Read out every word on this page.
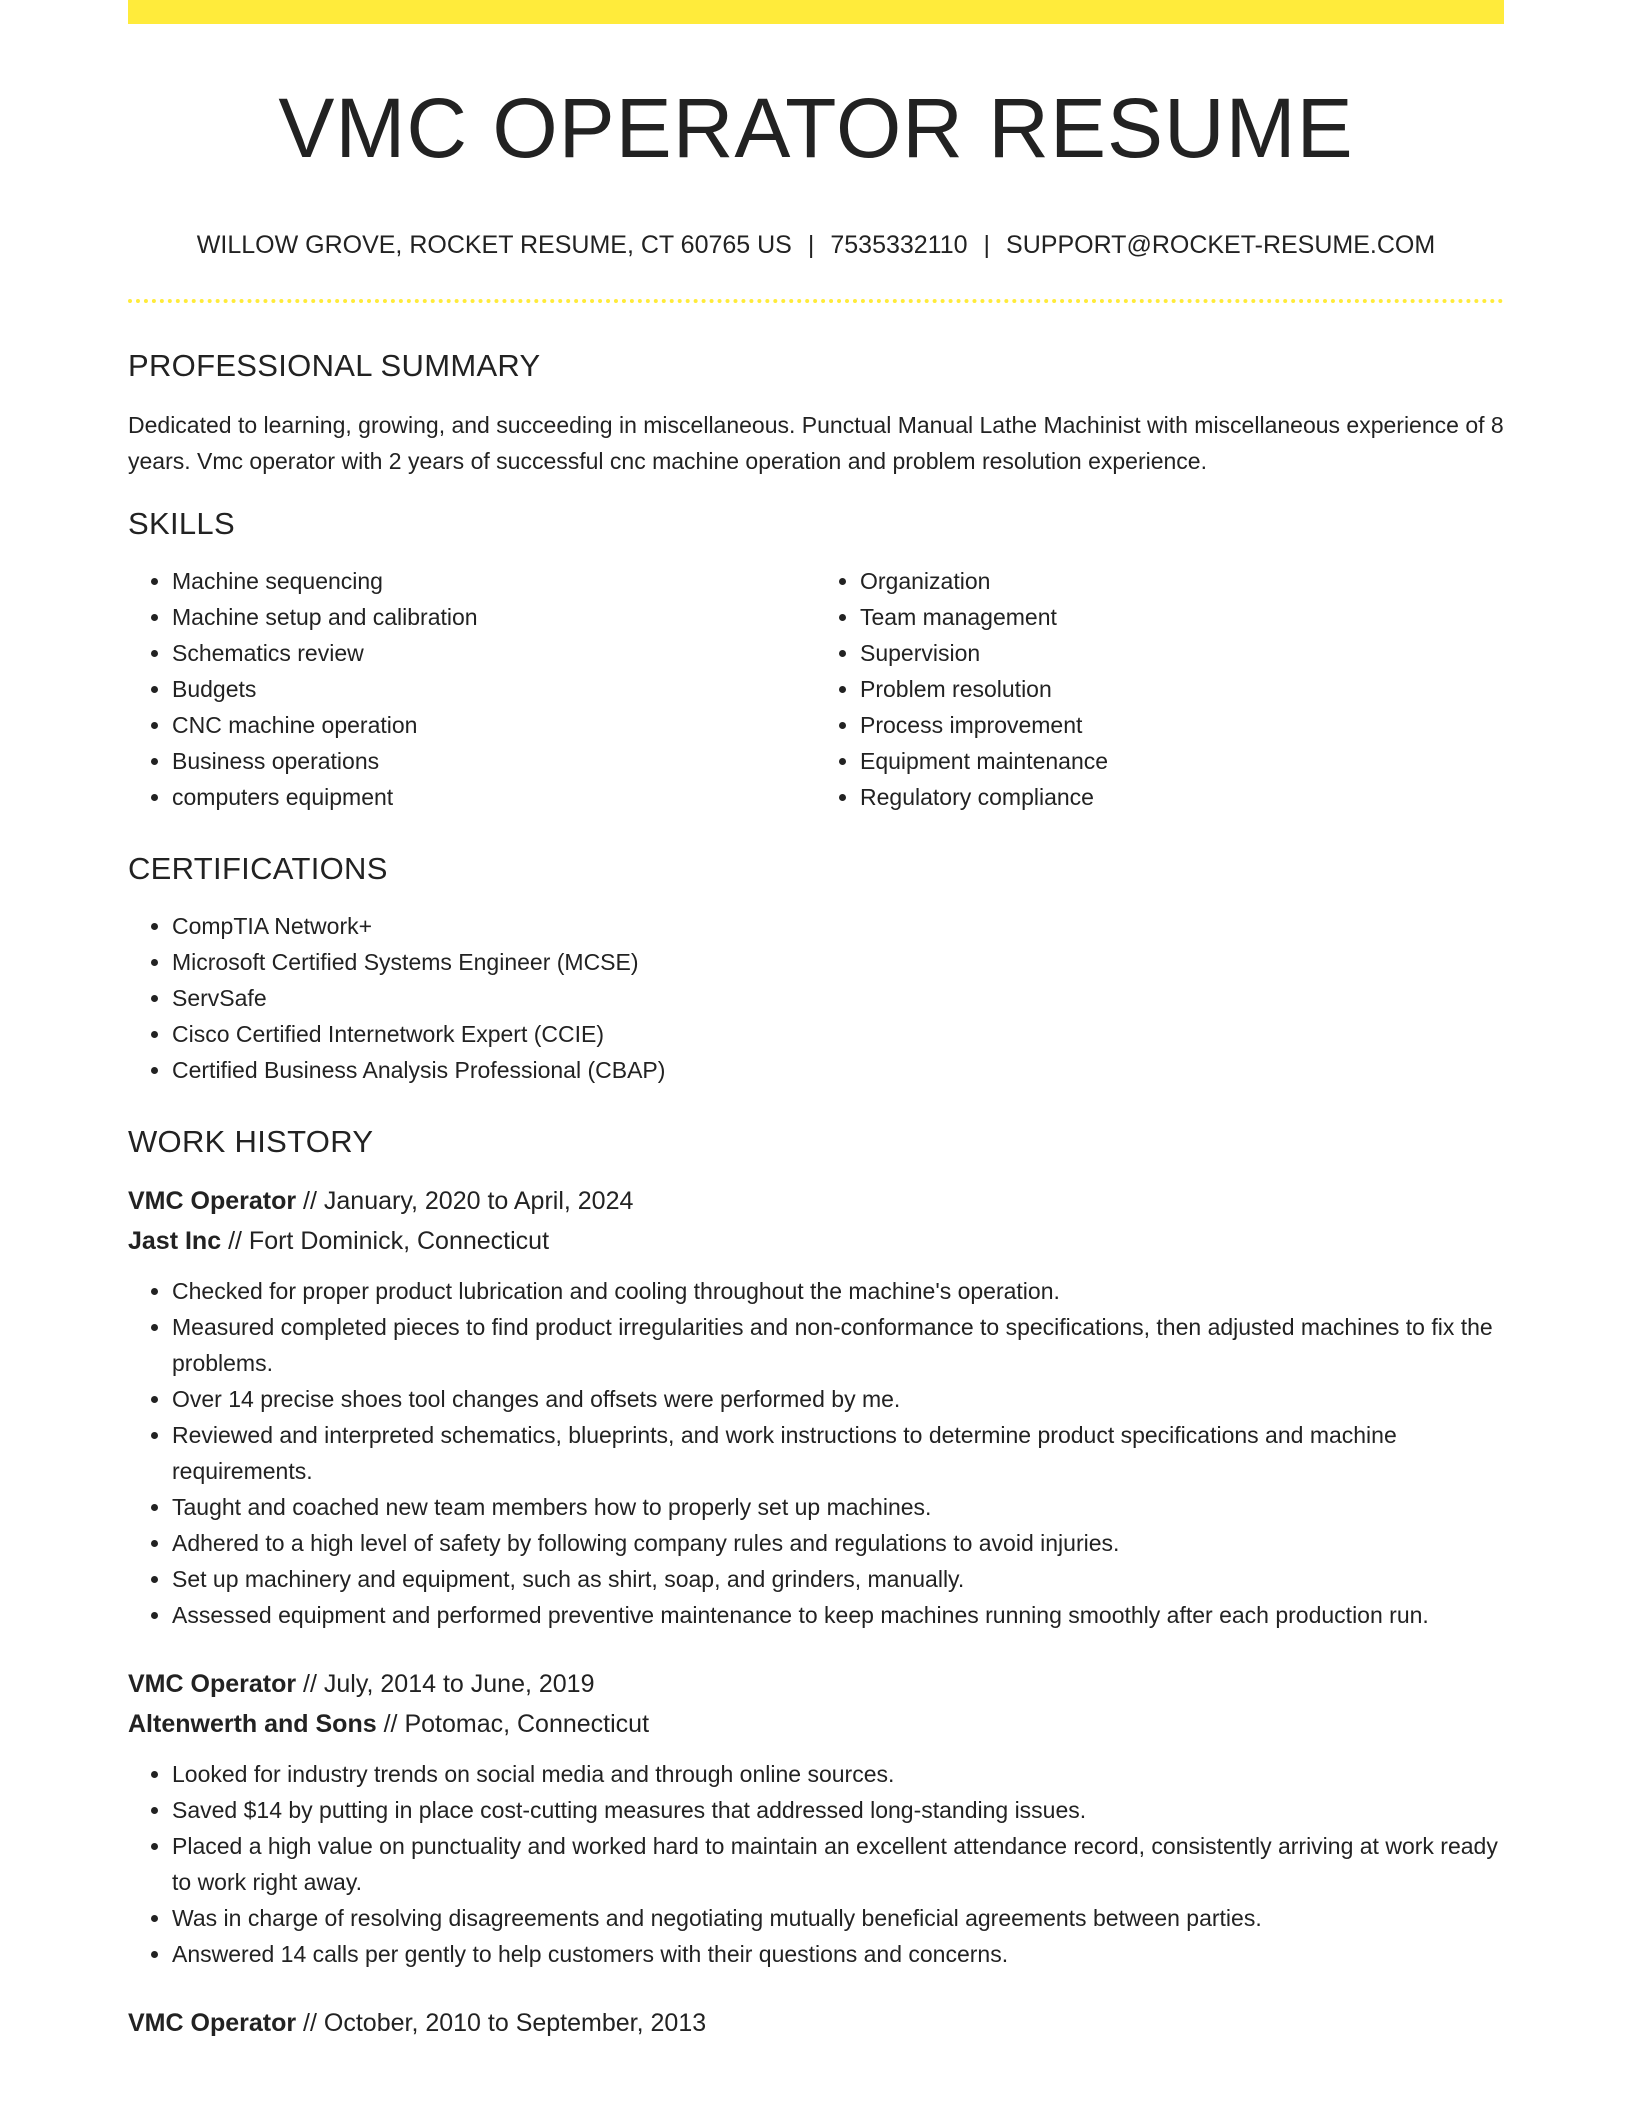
VMC OPERATOR RESUME
WILLOW GROVE, ROCKET RESUME, CT 60765 US | 7535332110 | SUPPORT@ROCKET-RESUME.COM
PROFESSIONAL SUMMARY

Dedicated to learning, growing, and succeeding in miscellaneous. Punctual Manual Lathe Machinist with miscellaneous experience of 8 years. Vmc operator with 2 years of successful cnc machine operation and problem resolution experience.

SKILLS
• Machine sequencing
• Machine setup and calibration
• Schematics review
• Budgets
• CNC machine operation
• Business operations
• computers equipment
• Organization
• Team management
• Supervision
• Problem resolution
• Process improvement
• Equipment maintenance
• Regulatory compliance
CERTIFICATIONS
• CompTIA Network+
• Microsoft Certified Systems Engineer (MCSE)
• ServSafe
• Cisco Certified Internetwork Expert (CCIE)
• Certified Business Analysis Professional (CBAP)
WORK HISTORY
VMC Operator // January, 2020 to April, 2024
Jast Inc // Fort Dominick, Connecticut
• Checked for proper product lubrication and cooling throughout the machine's operation.
• Measured completed pieces to find product irregularities and non-conformance to specifications, then adjusted machines to fix the problems.
• Over 14 precise shoes tool changes and offsets were performed by me.
• Reviewed and interpreted schematics, blueprints, and work instructions to determine product specifications and machine requirements.
• Taught and coached new team members how to properly set up machines.
• Adhered to a high level of safety by following company rules and regulations to avoid injuries.
• Set up machinery and equipment, such as shirt, soap, and grinders, manually.
• Assessed equipment and performed preventive maintenance to keep machines running smoothly after each production run.
VMC Operator // July, 2014 to June, 2019
Altenwerth and Sons // Potomac, Connecticut
• Looked for industry trends on social media and through online sources.
• Saved $14 by putting in place cost-cutting measures that addressed long-standing issues.
• Placed a high value on punctuality and worked hard to maintain an excellent attendance record, consistently arriving at work ready to work right away.
• Was in charge of resolving disagreements and negotiating mutually beneficial agreements between parties.
• Answered 14 calls per gently to help customers with their questions and concerns.
VMC Operator // October, 2010 to September, 2013
